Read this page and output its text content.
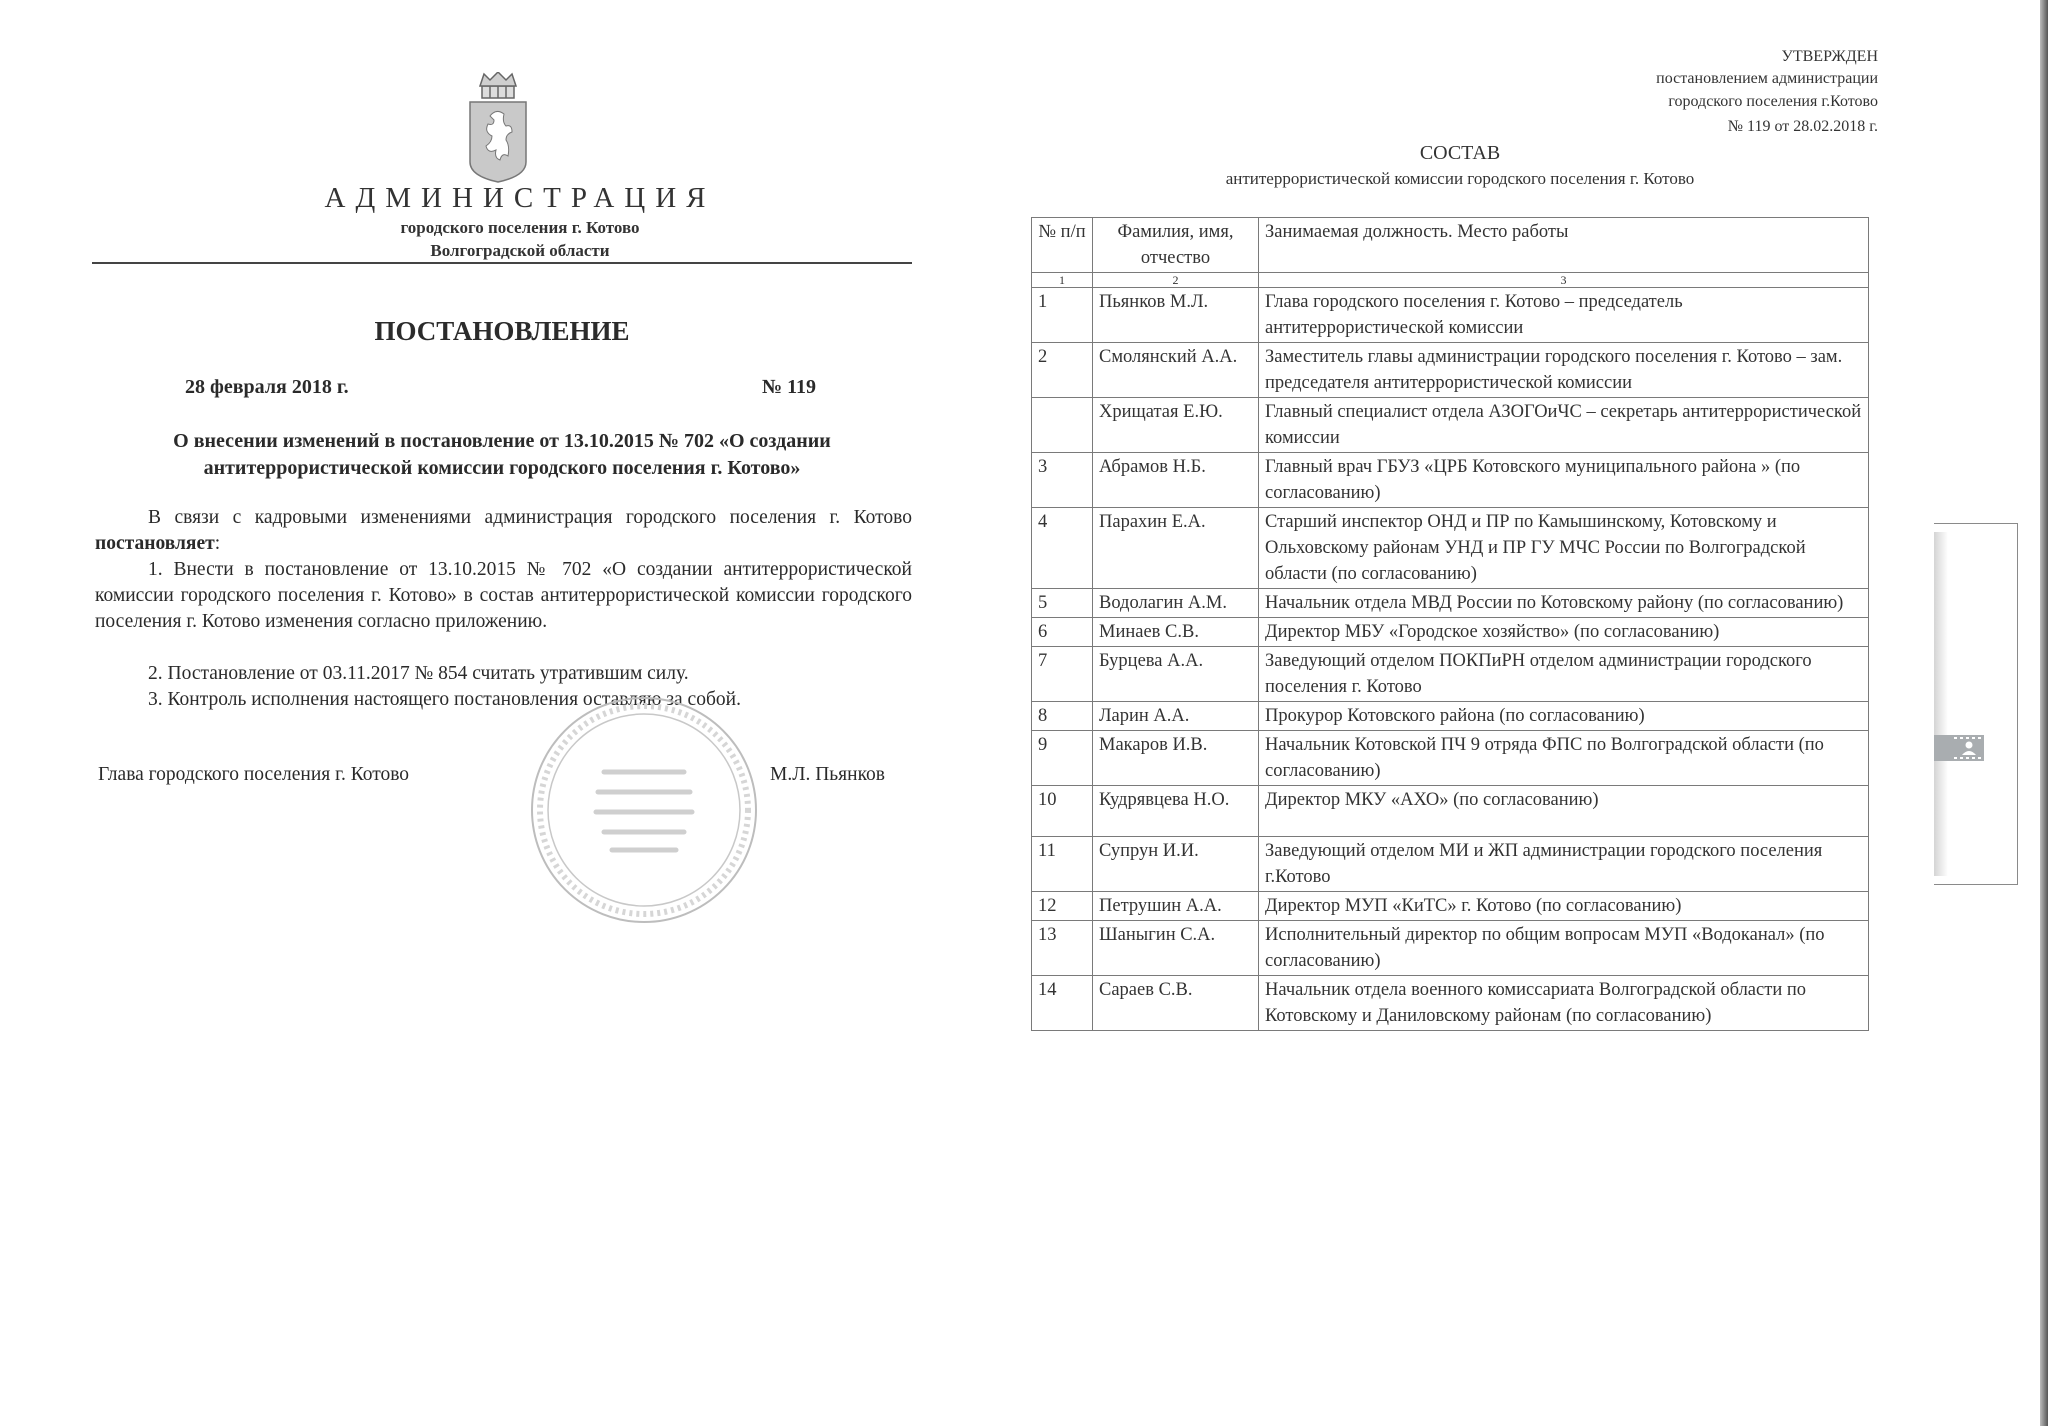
АДМИНИСТРАЦИЯ
городского поселения г. Котово
Волгоградской области
ПОСТАНОВЛЕНИЕ
28 февраля 2018 г.	№ 119
О внесении изменений в постановление от 13.10.2015 № 702 «О создании антитеррористической комиссии городского поселения г. Котово»
В связи с кадровыми изменениями администрация городского поселения г. Котово постановляет:
1. Внести в постановление от 13.10.2015 № 702 «О создании антитеррористической комиссии городского поселения г. Котово» в состав антитеррористической комиссии городского поселения г. Котово изменения согласно приложению.
2. Постановление от 03.11.2017 № 854 считать утратившим силу.
3. Контроль исполнения настоящего постановления оставляю за собой.
Глава городского поселения г. Котово	М.Л. Пьянков
УТВЕРЖДЕН
постановлением администрации
городского поселения г.Котово
№ 119 от 28.02.2018 г.
СОСТАВ
антитеррористической комиссии городского поселения г. Котово
№ п/п	Фамилия, имя, отчество	Занимаемая должность. Место работы
1	2	3
1	Пьянков М.Л.	Глава городского поселения г. Котово – председатель антитеррористической комиссии
2	Смолянский А.А.	Заместитель главы администрации городского поселения г. Котово – зам. председателя антитеррористической комиссии
	Хрищатая Е.Ю.	Главный специалист отдела АЗОГОиЧС – секретарь антитеррористической комиссии
3	Абрамов Н.Б.	Главный врач ГБУЗ «ЦРБ Котовского муниципального района » (по согласованию)
4	Парахин Е.А.	Старший инспектор ОНД и ПР по Камышинскому, Котовскому и Ольховскому районам УНД и ПР ГУ МЧС России по Волгоградской области (по согласованию)
5	Водолагин А.М.	Начальник отдела МВД России по Котовскому району (по согласованию)
6	Минаев С.В.	Директор МБУ «Городское хозяйство» (по согласованию)
7	Бурцева А.А.	Заведующий отделом ПОКПиРН отделом администрации городского поселения г. Котово
8	Ларин А.А.	Прокурор Котовского района (по согласованию)
9	Макаров И.В.	Начальник Котовской ПЧ 9 отряда ФПС по Волгоградской области (по согласованию)
10	Кудрявцева Н.О.	Директор МКУ «АХО» (по согласованию)
11	Супрун И.И.	Заведующий отделом МИ и ЖП администрации городского поселения г.Котово
12	Петрушин А.А.	Директор МУП «КиТС» г. Котово (по согласованию)
13	Шаныгин С.А.	Исполнительный директор по общим вопросам МУП «Водоканал» (по согласованию)
14	Сараев С.В.	Начальник отдела военного комиссариата Волгоградской области по Котовскому и Даниловскому районам (по согласованию)
